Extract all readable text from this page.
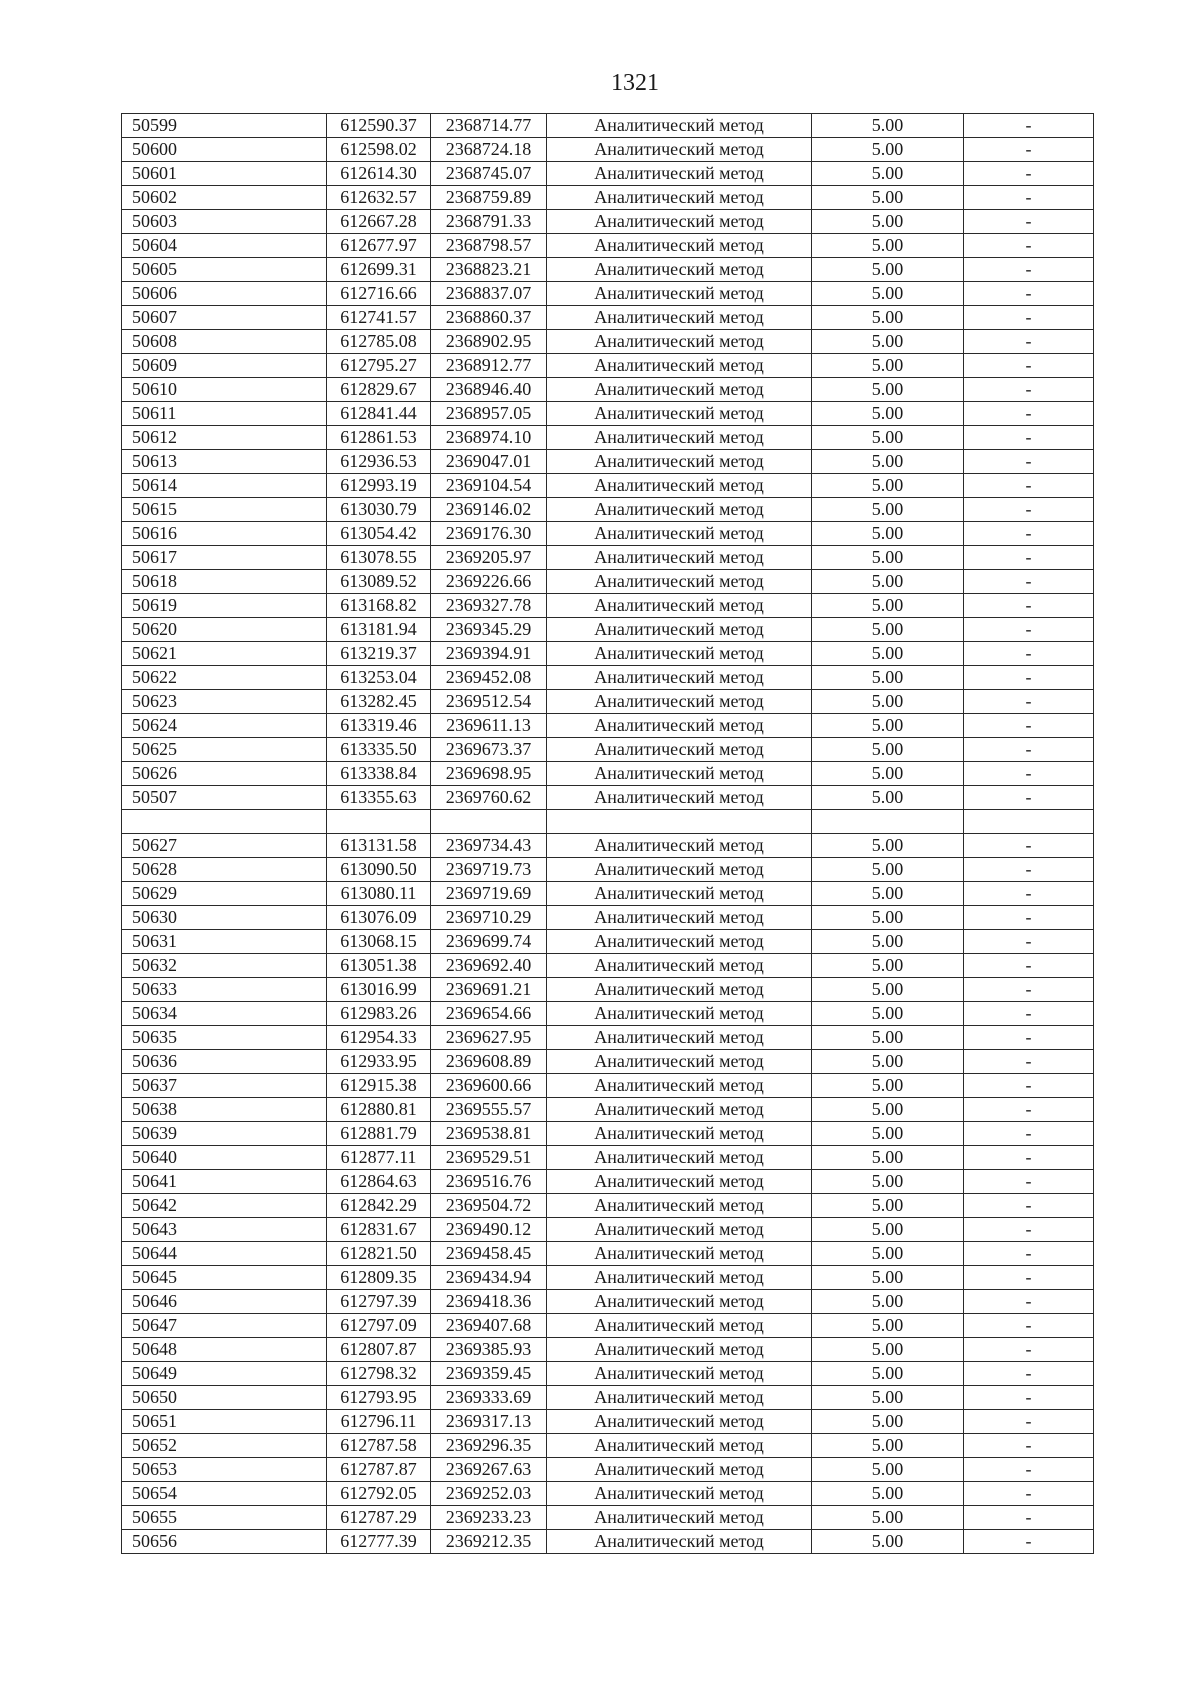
1321
50599	612590.37	2368714.77	Аналитический метод	5.00	-
50600	612598.02	2368724.18	Аналитический метод	5.00	-
50601	612614.30	2368745.07	Аналитический метод	5.00	-
50602	612632.57	2368759.89	Аналитический метод	5.00	-
50603	612667.28	2368791.33	Аналитический метод	5.00	-
50604	612677.97	2368798.57	Аналитический метод	5.00	-
50605	612699.31	2368823.21	Аналитический метод	5.00	-
50606	612716.66	2368837.07	Аналитический метод	5.00	-
50607	612741.57	2368860.37	Аналитический метод	5.00	-
50608	612785.08	2368902.95	Аналитический метод	5.00	-
50609	612795.27	2368912.77	Аналитический метод	5.00	-
50610	612829.67	2368946.40	Аналитический метод	5.00	-
50611	612841.44	2368957.05	Аналитический метод	5.00	-
50612	612861.53	2368974.10	Аналитический метод	5.00	-
50613	612936.53	2369047.01	Аналитический метод	5.00	-
50614	612993.19	2369104.54	Аналитический метод	5.00	-
50615	613030.79	2369146.02	Аналитический метод	5.00	-
50616	613054.42	2369176.30	Аналитический метод	5.00	-
50617	613078.55	2369205.97	Аналитический метод	5.00	-
50618	613089.52	2369226.66	Аналитический метод	5.00	-
50619	613168.82	2369327.78	Аналитический метод	5.00	-
50620	613181.94	2369345.29	Аналитический метод	5.00	-
50621	613219.37	2369394.91	Аналитический метод	5.00	-
50622	613253.04	2369452.08	Аналитический метод	5.00	-
50623	613282.45	2369512.54	Аналитический метод	5.00	-
50624	613319.46	2369611.13	Аналитический метод	5.00	-
50625	613335.50	2369673.37	Аналитический метод	5.00	-
50626	613338.84	2369698.95	Аналитический метод	5.00	-
50507	613355.63	2369760.62	Аналитический метод	5.00	-

50627	613131.58	2369734.43	Аналитический метод	5.00	-
50628	613090.50	2369719.73	Аналитический метод	5.00	-
50629	613080.11	2369719.69	Аналитический метод	5.00	-
50630	613076.09	2369710.29	Аналитический метод	5.00	-
50631	613068.15	2369699.74	Аналитический метод	5.00	-
50632	613051.38	2369692.40	Аналитический метод	5.00	-
50633	613016.99	2369691.21	Аналитический метод	5.00	-
50634	612983.26	2369654.66	Аналитический метод	5.00	-
50635	612954.33	2369627.95	Аналитический метод	5.00	-
50636	612933.95	2369608.89	Аналитический метод	5.00	-
50637	612915.38	2369600.66	Аналитический метод	5.00	-
50638	612880.81	2369555.57	Аналитический метод	5.00	-
50639	612881.79	2369538.81	Аналитический метод	5.00	-
50640	612877.11	2369529.51	Аналитический метод	5.00	-
50641	612864.63	2369516.76	Аналитический метод	5.00	-
50642	612842.29	2369504.72	Аналитический метод	5.00	-
50643	612831.67	2369490.12	Аналитический метод	5.00	-
50644	612821.50	2369458.45	Аналитический метод	5.00	-
50645	612809.35	2369434.94	Аналитический метод	5.00	-
50646	612797.39	2369418.36	Аналитический метод	5.00	-
50647	612797.09	2369407.68	Аналитический метод	5.00	-
50648	612807.87	2369385.93	Аналитический метод	5.00	-
50649	612798.32	2369359.45	Аналитический метод	5.00	-
50650	612793.95	2369333.69	Аналитический метод	5.00	-
50651	612796.11	2369317.13	Аналитический метод	5.00	-
50652	612787.58	2369296.35	Аналитический метод	5.00	-
50653	612787.87	2369267.63	Аналитический метод	5.00	-
50654	612792.05	2369252.03	Аналитический метод	5.00	-
50655	612787.29	2369233.23	Аналитический метод	5.00	-
50656	612777.39	2369212.35	Аналитический метод	5.00	-
